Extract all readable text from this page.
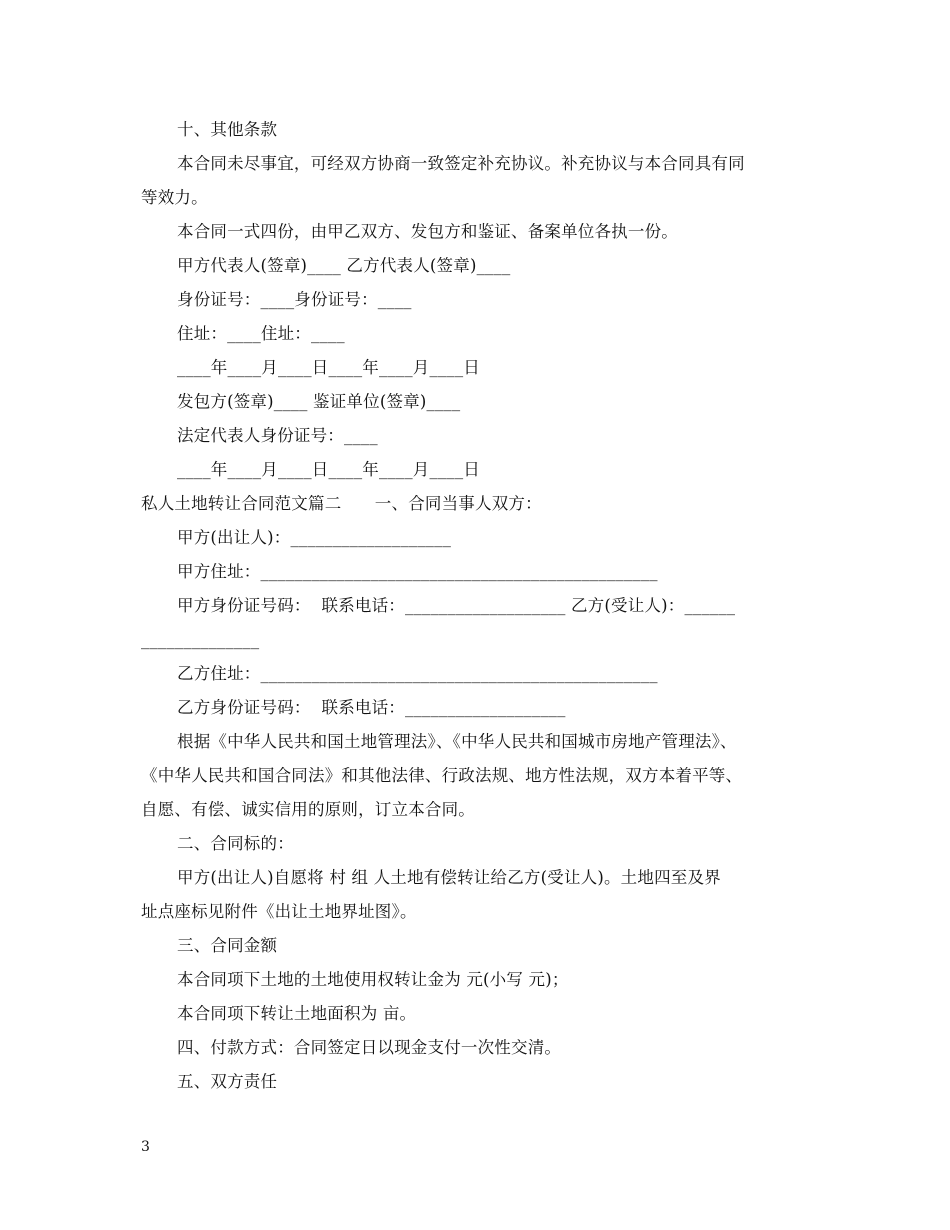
十、其他条款
本合同未尽事宜，可经双方协商一致签定补充协议。补充协议与本合同具有同
等效力。
本合同一式四份，由甲乙双方、发包方和鉴证、备案单位各执一份。
甲方代表人(签章)____ 乙方代表人(签章)____
身份证号：____身份证号：____
住址：____住址：____
____年____月____日____年____月____日
发包方(签章)____ 鉴证单位(签章)____
法定代表人身份证号：____
____年____月____日____年____月____日
私人土地转让合同范文篇二　　一、合同当事人双方：
甲方(出让人)：___________________
甲方住址：_______________________________________________
甲方身份证号码：  联系电话：___________________ 乙方(受让人)：______
______________
乙方住址：_______________________________________________
乙方身份证号码：  联系电话：___________________
根据《中华人民共和国土地管理法》、《中华人民共和国城市房地产管理法》、
《中华人民共和国合同法》和其他法律、行政法规、地方性法规，双方本着平等、
自愿、有偿、诚实信用的原则，订立本合同。
二、合同标的：
甲方(出让人)自愿将 村 组 人土地有偿转让给乙方(受让人)。土地四至及界
址点座标见附件《出让土地界址图》。
三、合同金额
本合同项下土地的土地使用权转让金为 元(小写 元)；
本合同项下转让土地面积为 亩。
四、付款方式：合同签定日以现金支付一次性交清。
五、双方责任
3
